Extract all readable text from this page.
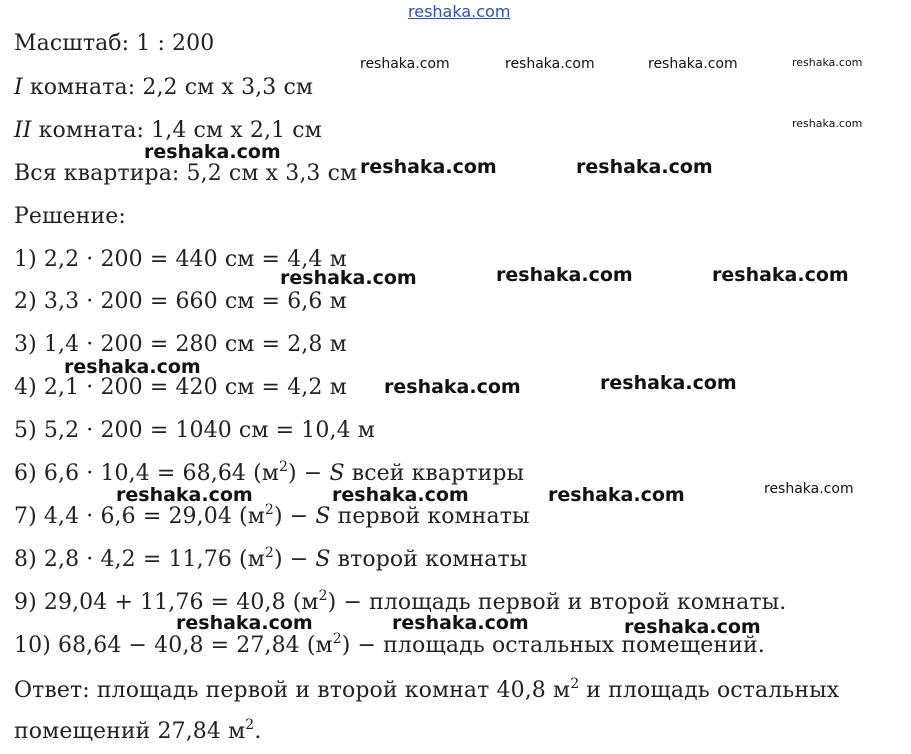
reshaka.com
Масштаб: 1 : 200
I комната: 2,2 см х 3,3 см
II комната: 1,4 см х 2,1 см
Вся квартира: 5,2 см х 3,3 см
Решение:
1) 2,2 · 200 = 440 см = 4,4 м
2) 3,3 · 200 = 660 см = 6,6 м
3) 1,4 · 200 = 280 см = 2,8 м
4) 2,1 · 200 = 420 см = 4,2 м
5) 5,2 · 200 = 1040 см = 10,4 м
6) 6,6 · 10,4 = 68,64 $(м^2) - S$ всей квартиры
7) 4,4 · 6,6 = 29,04 $(м^2) - S$ первой комнаты
8) 2,8 · 4,2 = 11,76 $(м^2) - S$ второй комнаты
9) 29,04 + 11,76 = 40,8 $(м^2)$ − площадь первой и второй комнаты.
10) 68,64 − 40,8 = 27,84 $(м^2)$ − площадь остальных помещений.
Ответ: площадь первой и второй комнат 40,8 $м^2$ и площадь остальных
помещений 27,84 $м^2$.
reshaka.com	reshaka.com	reshaka.com	reshaka.com
reshaka.com
reshaka.com
reshaka.com	reshaka.com
reshaka.com	reshaka.com	reshaka.com
reshaka.com
reshaka.com	reshaka.com
reshaka.com	reshaka.com	reshaka.com	reshaka.com
reshaka.com	reshaka.com	reshaka.com
